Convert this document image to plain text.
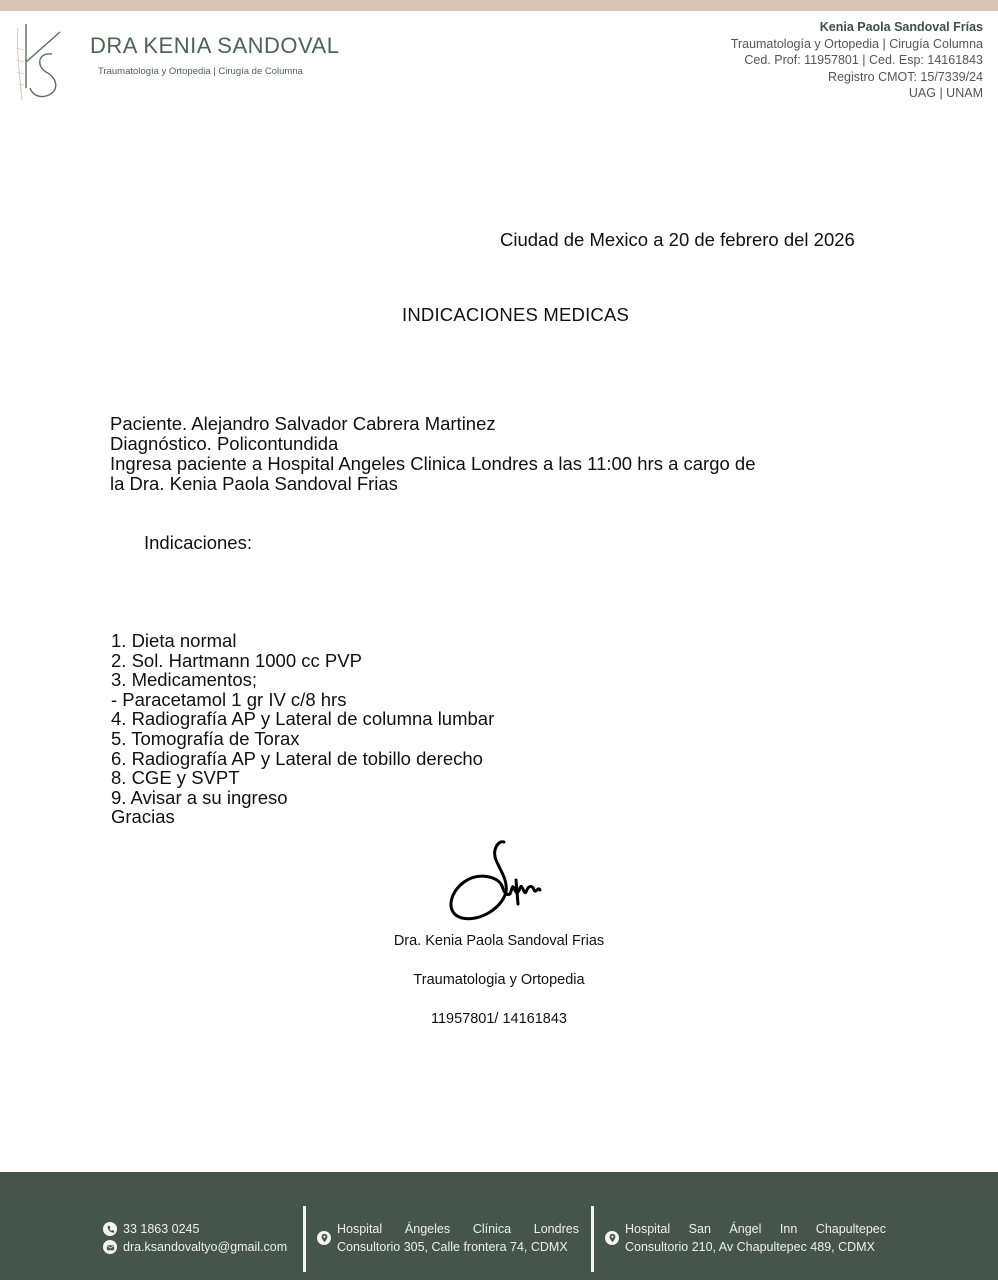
DRA KENIA SANDOVAL
Traumatología y Ortopedia | Cirugía de Columna
Kenia Paola Sandoval Frías
Traumatología y Ortopedia | Cirugía Columna
Ced. Prof: 11957801 | Ced. Esp: 14161843
Registro CMOT: 15/7339/24
UAG | UNAM
Ciudad de Mexico a 20 de febrero del 2026
INDICACIONES MEDICAS
Paciente. Alejandro Salvador Cabrera Martinez
Diagnóstico. Policontundida
Ingresa paciente a Hospital Angeles Clinica Londres a las 11:00 hrs a cargo de
la Dra. Kenia Paola Sandoval Frias
Indicaciones:
1. Dieta normal
2. Sol. Hartmann 1000 cc PVP
3. Medicamentos;
- Paracetamol 1 gr IV c/8 hrs
4. Radiografía AP y Lateral de columna lumbar
5. Tomografía de Torax
6. Radiografía AP y Lateral de tobillo derecho
8. CGE y SVPT
9. Avisar a su ingreso
Gracias
Dra. Kenia Paola Sandoval Frias
Traumatologia y Ortopedia
11957801/ 14161843
33 1863 0245
dra.ksandovaltyo@gmail.com
Hospital Ángeles Clínica Londres
Consultorio 305, Calle frontera 74, CDMX
Hospital San Ángel Inn Chapultepec
Consultorio 210, Av Chapultepec 489, CDMX
